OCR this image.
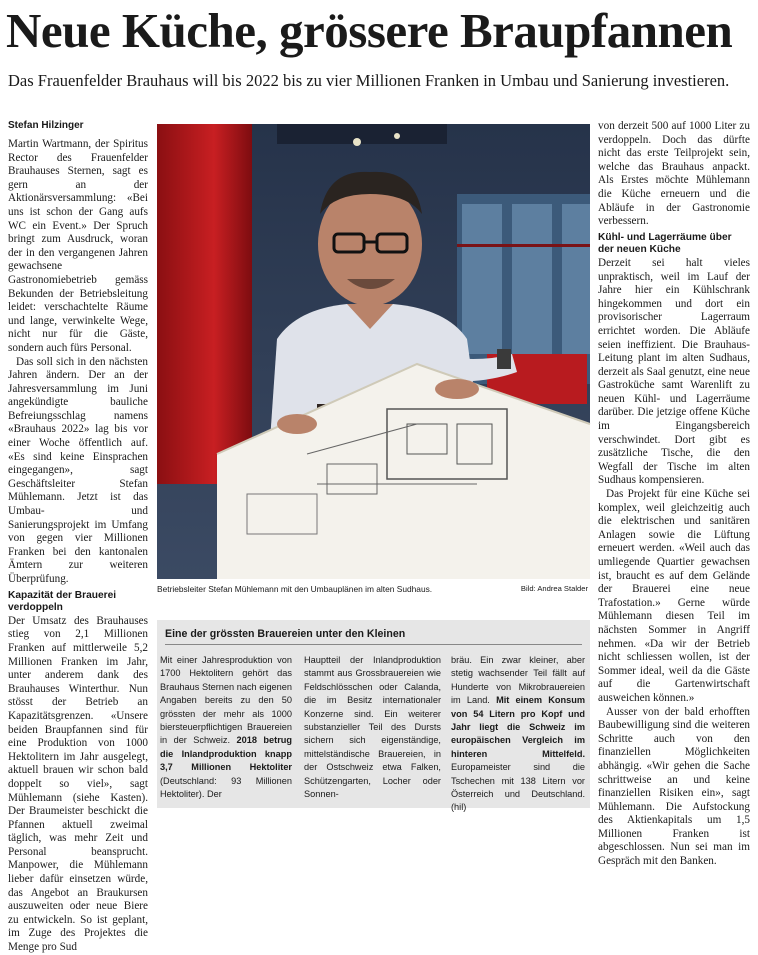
Neue Küche, grössere Braupfannen
Das Frauenfelder Brauhaus will bis 2022 bis zu vier Millionen Franken in Umbau und Sanierung investieren.
Stefan Hilzinger

Martin Wartmann, der Spiritus Rector des Frauenfelder Brauhauses Sternen, sagt es gern an der Aktionärsversammlung: «Bei uns ist schon der Gang aufs WC ein Event.» Der Spruch bringt zum Ausdruck, woran der in den vergangenen Jahren gewachsene Gastronomiebetrieb gemäss Bekunden der Betriebsleitung leidet: verschachtelte Räume und lange, verwinkelte Wege, nicht nur für die Gäste, sondern auch fürs Personal.

Das soll sich in den nächsten Jahren ändern. Der an der Jahresversammlung im Juni angekündigte bauliche Befreiungsschlag namens «Brauhaus 2022» lag bis vor einer Woche öffentlich auf. «Es sind keine Einsprachen eingegangen», sagt Geschäftsleiter Stefan Mühlemann. Jetzt ist das Umbau- und Sanierungsprojekt im Umfang von gegen vier Millionen Franken bei den kantonalen Ämtern zur weiteren Überprüfung.

Kapazität der Brauerei verdoppeln

Der Umsatz des Brauhauses stieg von 2,1 Millionen Franken auf mittlerweile 5,2 Millionen Franken im Jahr, unter anderem dank des Brauhauses Winterthur. Nun stösst der Betrieb an Kapazitätsgrenzen. «Unsere beiden Braupfannen sind für eine Produktion von 1000 Hektolitern im Jahr ausgelegt, aktuell brauen wir schon bald doppelt so viel», sagt Mühlemann (siehe Kasten). Der Braumeister beschickt die Pfannen aktuell zweimal täglich, was mehr Zeit und Personal beansprucht. Manpower, die Mühlemann lieber dafür einsetzen würde, das Angebot an Braukursen auszuweiten oder neue Biere zu entwickeln. So ist geplant, im Zuge des Projektes die Menge pro Sud

Betriebsleiter Stefan Mühlemann mit den Umbauplänen im alten Sudhaus.	Bild: Andrea Stalder
Eine der grössten Brauereien unter den Kleinen
Mit einer Jahresproduktion von 1700 Hektolitern gehört das Brauhaus Sternen nach eigenen Angaben bereits zu den 50 grössten der mehr als 1000 bierstеuerpflichtigen Brauereien in der Schweiz. 2018 betrug die Inlandproduktion knapp 3,7 Millionen Hektoliter (Deutschland: 93 Millionen Hektoliter). Der
Hauptteil der Inlandproduktion stammt aus Grossbrauereien wie Feldschlösschen oder Calanda, die im Besitz internationaler Konzerne sind. Ein weiterer substanzieller Teil des Dursts sichern sich eigenständige, mittelständische Brauereien, in der Ostschweiz etwa Falken, Schützengarten, Locher oder Sonnen-
bräu. Ein zwar kleiner, aber stetig wachsender Teil fällt auf Hunderte von Mikrobrauereien im Land. Mit einem Konsum von 54 Litern pro Kopf und Jahr liegt die Schweiz im europäischen Vergleich im hinteren Mittelfeld. Europameister sind die Tschechen mit 138 Litern vor Österreich und Deutschland. (hil)

von derzeit 500 auf 1000 Liter zu verdoppeln. Doch das dürfte nicht das erste Teilprojekt sein, welche das Brauhaus anpackt. Als Erstes möchte Mühlemann die Küche erneuern und die Abläufe in der Gastronomie verbessern.

Kühl- und Lagerräume über der neuen Küche

Derzeit sei halt vieles unpraktisch, weil im Lauf der Jahre hier ein Kühlschrank hingekommen und dort ein provisorischer Lagerraum errichtet worden. Die Abläufe seien ineffizient. Die Brauhaus-Leitung plant im alten Sudhaus, derzeit als Saal genutzt, eine neue Gastroküche samt Warenlift zu neuen Kühl- und Lagerräume darüber. Die jetzige offene Küche im Eingangsbereich verschwindet. Dort gibt es zusätzliche Tische, die den Wegfall der Tische im alten Sudhaus kompensieren.

Das Projekt für eine Küche sei komplex, weil gleichzeitig auch die elektrischen und sanitären Anlagen sowie die Lüftung erneuert werden. «Weil auch das umliegende Quartier gewachsen ist, braucht es auf dem Gelände der Brauerei eine neue Trafostation.» Gerne würde Mühlemann diesen Teil im nächsten Sommer in Angriff nehmen. «Da wir der Betrieb nicht schliessen wollen, ist der Sommer ideal, weil da die Gäste auf die Gartenwirtschaft ausweichen können.»

Ausser von der bald erhofften Baubewilligung sind die weiteren Schritte auch von den finanziellen Möglichkeiten abhängig. «Wir gehen die Sache schrittweise an und keine finanziellen Risiken ein», sagt Mühlemann. Die Aufstockung des Aktienkapitals um 1,5 Millionen Franken ist abgeschlossen. Nun sei man im Gespräch mit den Banken.
